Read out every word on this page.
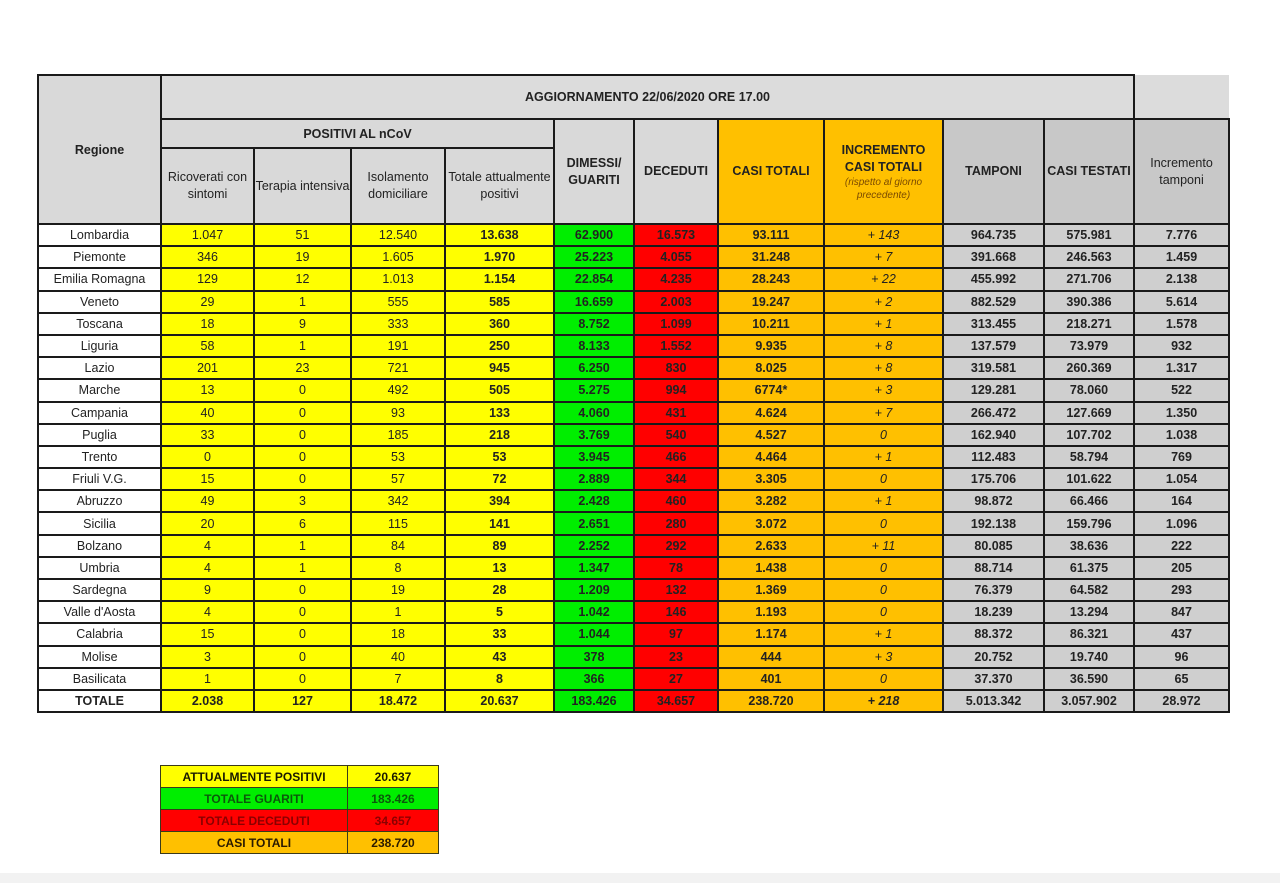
Regione	AGGIORNAMENTO 22/06/2020 ORE 17.00										
	POSITIVI AL nCoV				DIMESSI/ GUARITI	DECEDUTI	CASI TOTALI	INCREMENTO CASI TOTALI
(rispetto al giorno precedente)	TAMPONI	CASI TESTATI	Incremento tamponi
	Ricoverati con sintomi	Terapia intensiva	Isolamento domiciliare	Totale attualmente positivi							
Lombardia	1.047	51	12.540	13.638	62.900	16.573	93.111	+ 143	964.735	575.981	7.776
Piemonte	346	19	1.605	1.970	25.223	4.055	31.248	+ 7	391.668	246.563	1.459
Emilia Romagna	129	12	1.013	1.154	22.854	4.235	28.243	+ 22	455.992	271.706	2.138
Veneto	29	1	555	585	16.659	2.003	19.247	+ 2	882.529	390.386	5.614
Toscana	18	9	333	360	8.752	1.099	10.211	+ 1	313.455	218.271	1.578
Liguria	58	1	191	250	8.133	1.552	9.935	+ 8	137.579	73.979	932
Lazio	201	23	721	945	6.250	830	8.025	+ 8	319.581	260.369	1.317
Marche	13	0	492	505	5.275	994	6774*	+ 3	129.281	78.060	522
Campania	40	0	93	133	4.060	431	4.624	+ 7	266.472	127.669	1.350
Puglia	33	0	185	218	3.769	540	4.527	0	162.940	107.702	1.038
Trento	0	0	53	53	3.945	466	4.464	+ 1	112.483	58.794	769
Friuli V.G.	15	0	57	72	2.889	344	3.305	0	175.706	101.622	1.054
Abruzzo	49	3	342	394	2.428	460	3.282	+ 1	98.872	66.466	164
Sicilia	20	6	115	141	2.651	280	3.072	0	192.138	159.796	1.096
Bolzano	4	1	84	89	2.252	292	2.633	+ 11	80.085	38.636	222
Umbria	4	1	8	13	1.347	78	1.438	0	88.714	61.375	205
Sardegna	9	0	19	28	1.209	132	1.369	0	76.379	64.582	293
Valle d'Aosta	4	0	1	5	1.042	146	1.193	0	18.239	13.294	847
Calabria	15	0	18	33	1.044	97	1.174	+ 1	88.372	86.321	437
Molise	3	0	40	43	378	23	444	+ 3	20.752	19.740	96
Basilicata	1	0	7	8	366	27	401	0	37.370	36.590	65
TOTALE	2.038	127	18.472	20.637	183.426	34.657	238.720	+ 218	5.013.342	3.057.902	28.972
ATTUALMENTE POSITIVI	20.637
TOTALE GUARITI	183.426
TOTALE DECEDUTI	34.657
CASI TOTALI	238.720
